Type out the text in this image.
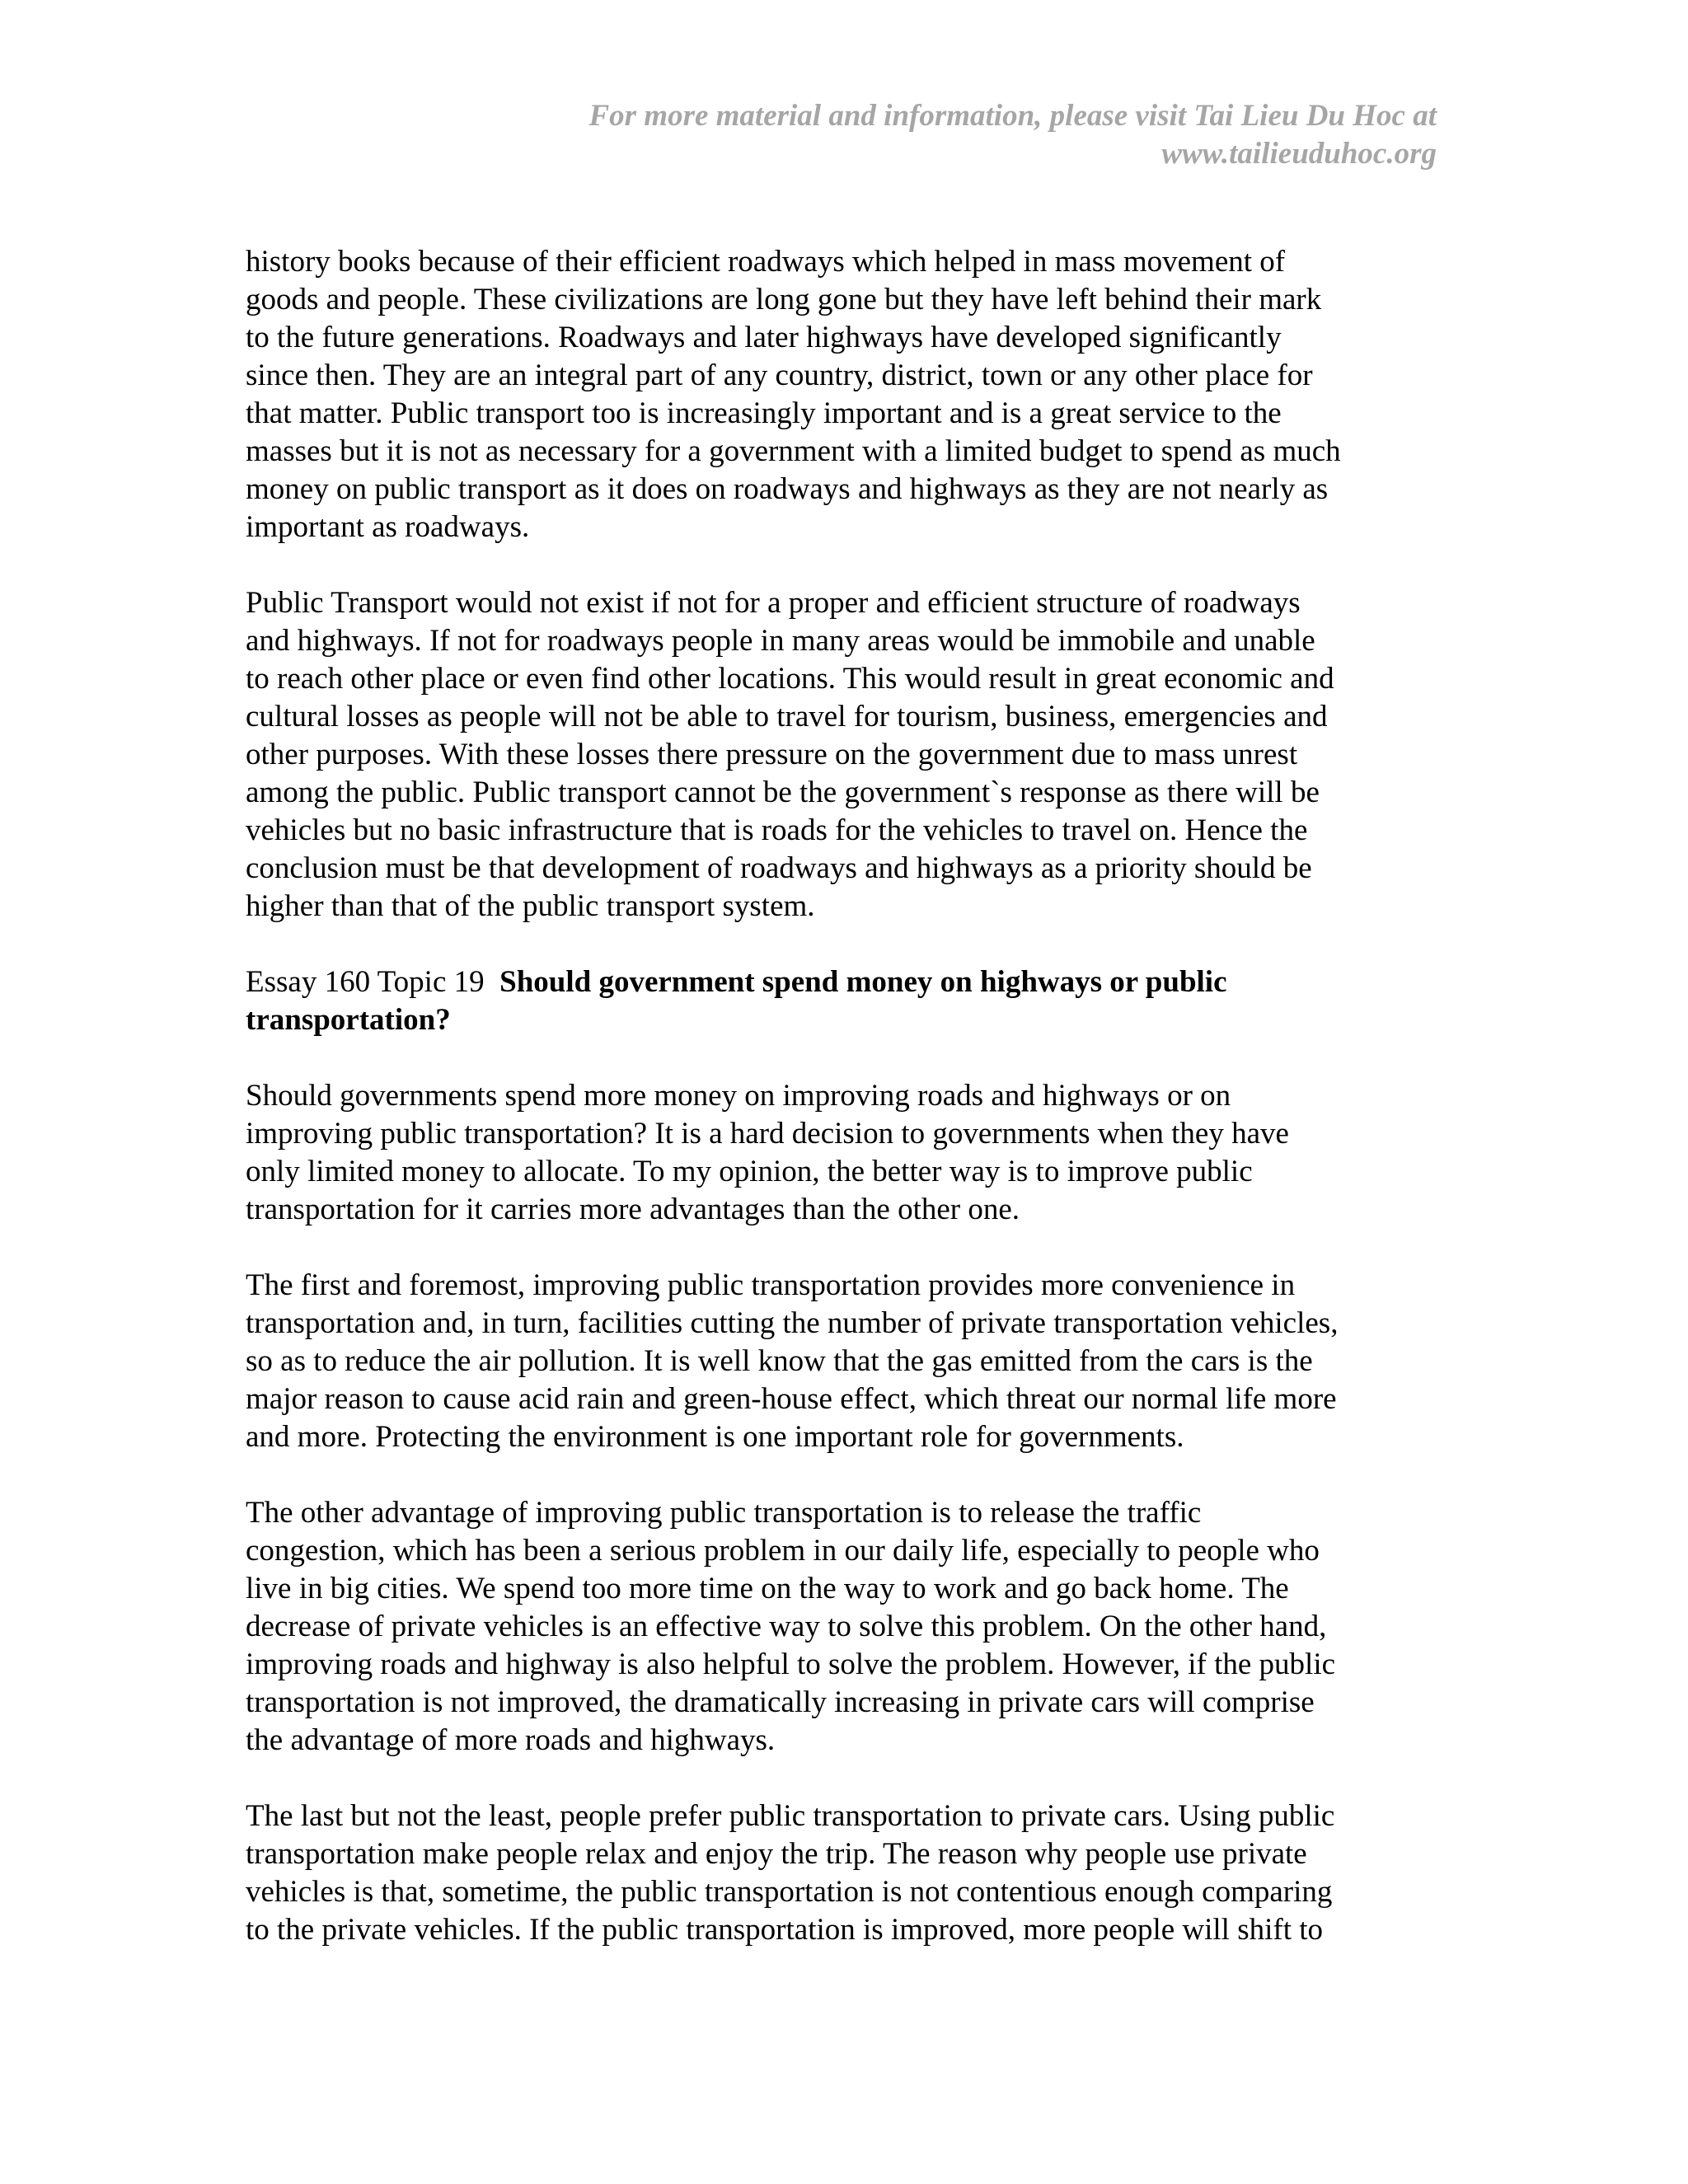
For more material and information, please visit Tai Lieu Du Hoc at
www.tailieuduhoc.org
history books because of their efficient roadways which helped in mass movement of
goods and people. These civilizations are long gone but they have left behind their mark
to the future generations. Roadways and later highways have developed significantly
since then. They are an integral part of any country, district, town or any other place for
that matter. Public transport too is increasingly important and is a great service to the
masses but it is not as necessary for a government with a limited budget to spend as much
money on public transport as it does on roadways and highways as they are not nearly as
important as roadways.
Public Transport would not exist if not for a proper and efficient structure of roadways
and highways. If not for roadways people in many areas would be immobile and unable
to reach other place or even find other locations. This would result in great economic and
cultural losses as people will not be able to travel for tourism, business, emergencies and
other purposes. With these losses there pressure on the government due to mass unrest
among the public. Public transport cannot be the government`s response as there will be
vehicles but no basic infrastructure that is roads for the vehicles to travel on. Hence the
conclusion must be that development of roadways and highways as a priority should be
higher than that of the public transport system.
Essay 160 Topic 19  Should government spend money on highways or public
transportation?
Should governments spend more money on improving roads and highways or on
improving public transportation? It is a hard decision to governments when they have
only limited money to allocate. To my opinion, the better way is to improve public
transportation for it carries more advantages than the other one.
The first and foremost, improving public transportation provides more convenience in
transportation and, in turn, facilities cutting the number of private transportation vehicles,
so as to reduce the air pollution. It is well know that the gas emitted from the cars is the
major reason to cause acid rain and green-house effect, which threat our normal life more
and more. Protecting the environment is one important role for governments.
The other advantage of improving public transportation is to release the traffic
congestion, which has been a serious problem in our daily life, especially to people who
live in big cities. We spend too more time on the way to work and go back home. The
decrease of private vehicles is an effective way to solve this problem. On the other hand,
improving roads and highway is also helpful to solve the problem. However, if the public
transportation is not improved, the dramatically increasing in private cars will comprise
the advantage of more roads and highways.
The last but not the least, people prefer public transportation to private cars. Using public
transportation make people relax and enjoy the trip. The reason why people use private
vehicles is that, sometime, the public transportation is not contentious enough comparing
to the private vehicles. If the public transportation is improved, more people will shift to
